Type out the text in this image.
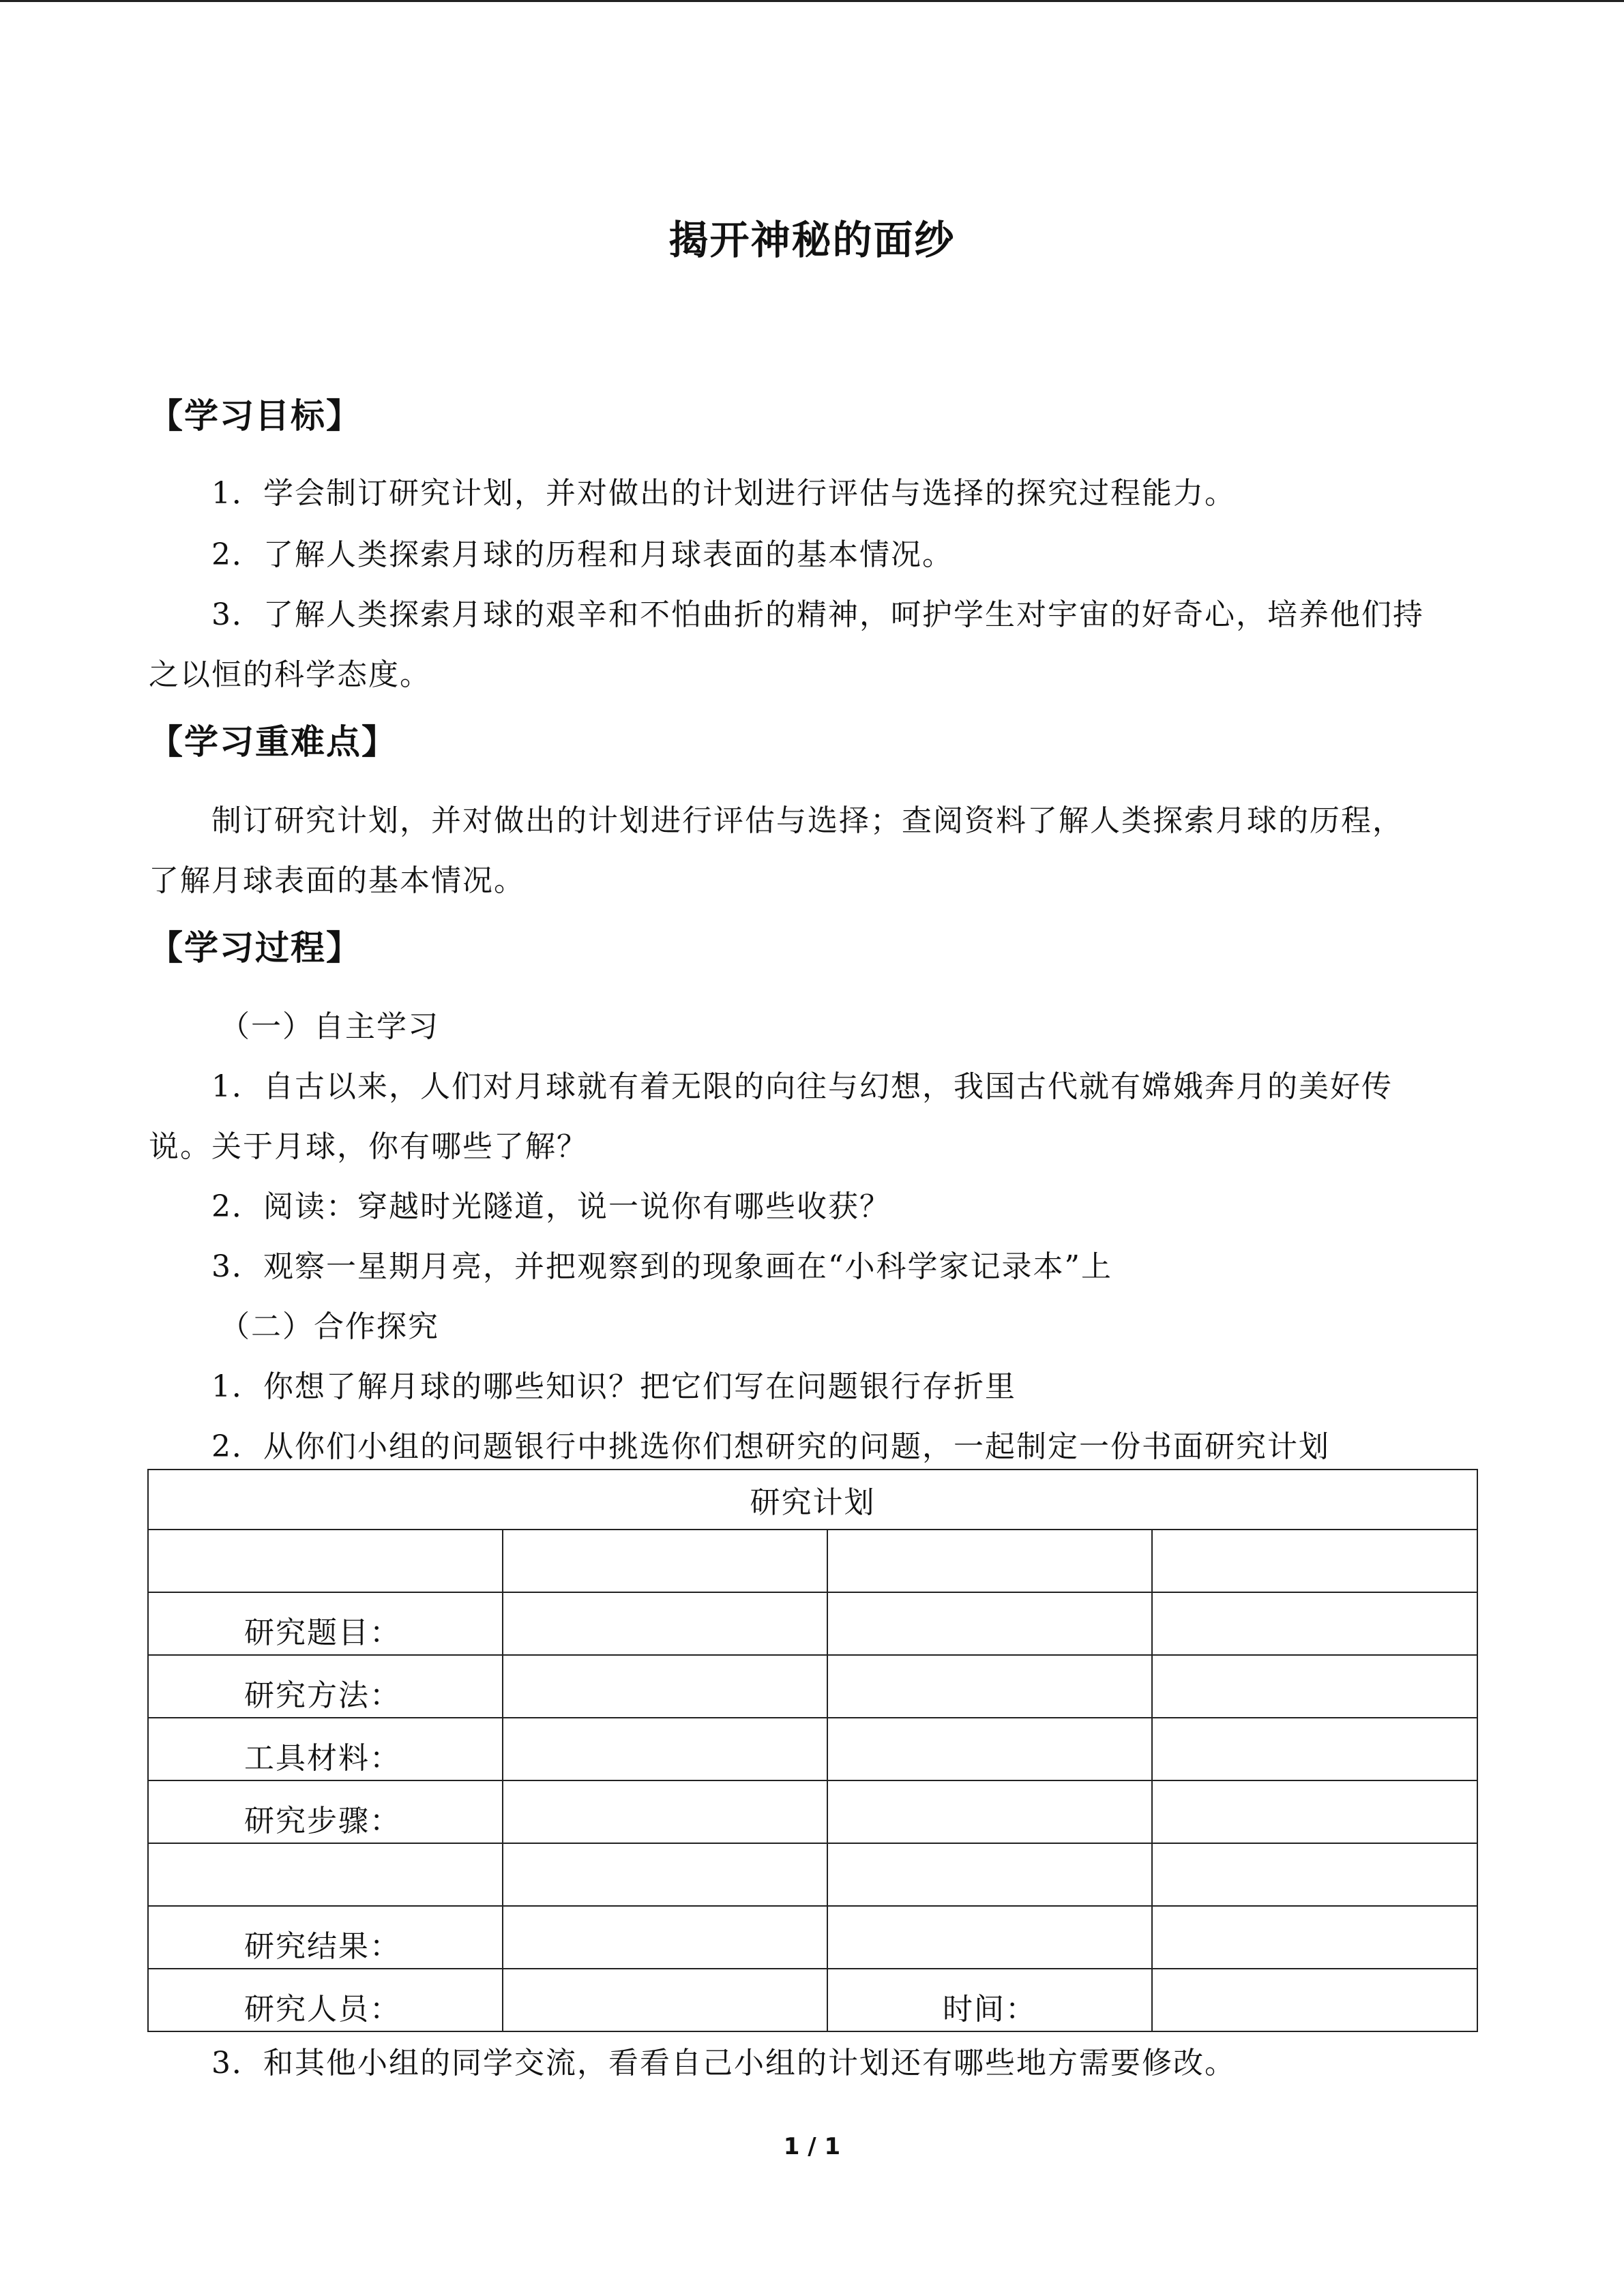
揭开神秘的面纱
【学习目标】
1．学会制订研究计划，并对做出的计划进行评估与选择的探究过程能力。
2．了解人类探索月球的历程和月球表面的基本情况。
3．了解人类探索月球的艰辛和不怕曲折的精神，呵护学生对宇宙的好奇心，培养他们持
之以恒的科学态度。
【学习重难点】
制订研究计划，并对做出的计划进行评估与选择；查阅资料了解人类探索月球的历程，
了解月球表面的基本情况。
【学习过程】
（一）自主学习
1．自古以来，人们对月球就有着无限的向往与幻想，我国古代就有嫦娥奔月的美好传
说。关于月球，你有哪些了解？
2．阅读：穿越时光隧道，说一说你有哪些收获？
3．观察一星期月亮，并把观察到的现象画在“小科学家记录本”上
（二）合作探究
1．你想了解月球的哪些知识？把它们写在问题银行存折里
2．从你们小组的问题银行中挑选你们想研究的问题，一起制定一份书面研究计划
研究计划			

研究题目：			
研究方法：			
工具材料：			
研究步骤：			

研究结果：			
研究人员：		时间：	
3．和其他小组的同学交流，看看自己小组的计划还有哪些地方需要修改。
1 / 1
